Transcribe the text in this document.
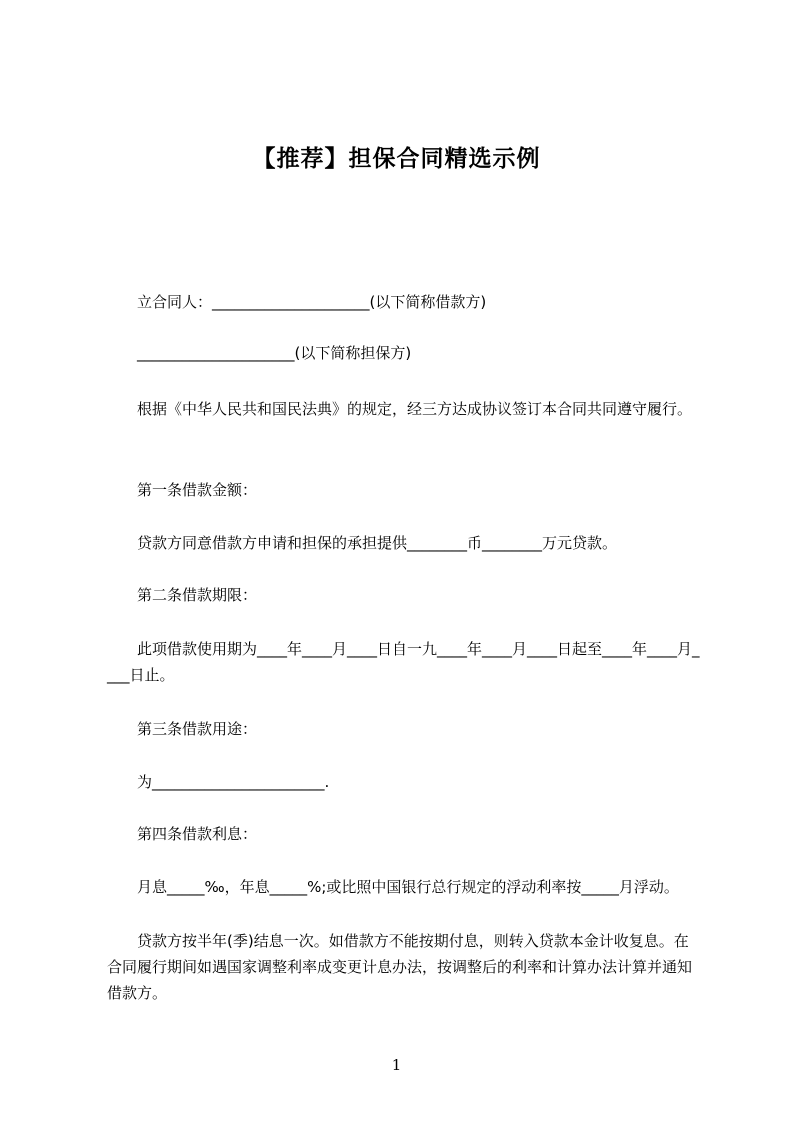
【推荐】担保合同精选示例

立合同人：_____________________(以下简称借款方)

_____________________(以下简称担保方)

根据《中华人民共和国民法典》的规定，经三方达成协议签订本合同共同遵守履行。

第一条借款金额：

贷款方同意借款方申请和担保的承担提供________币________万元贷款。

第二条借款期限：

此项借款使用期为____年____月____日自一九____年____月____日起至____年____月____日止。

第三条借款用途：

为_______________________.

第四条借款利息：

月息_____‰，年息_____%;或比照中国银行总行规定的浮动利率按_____月浮动。

贷款方按半年(季)结息一次。如借款方不能按期付息，则转入贷款本金计收复息。在合同履行期间如遇国家调整利率成变更计息办法，按调整后的利率和计算办法计算并通知借款方。

1
